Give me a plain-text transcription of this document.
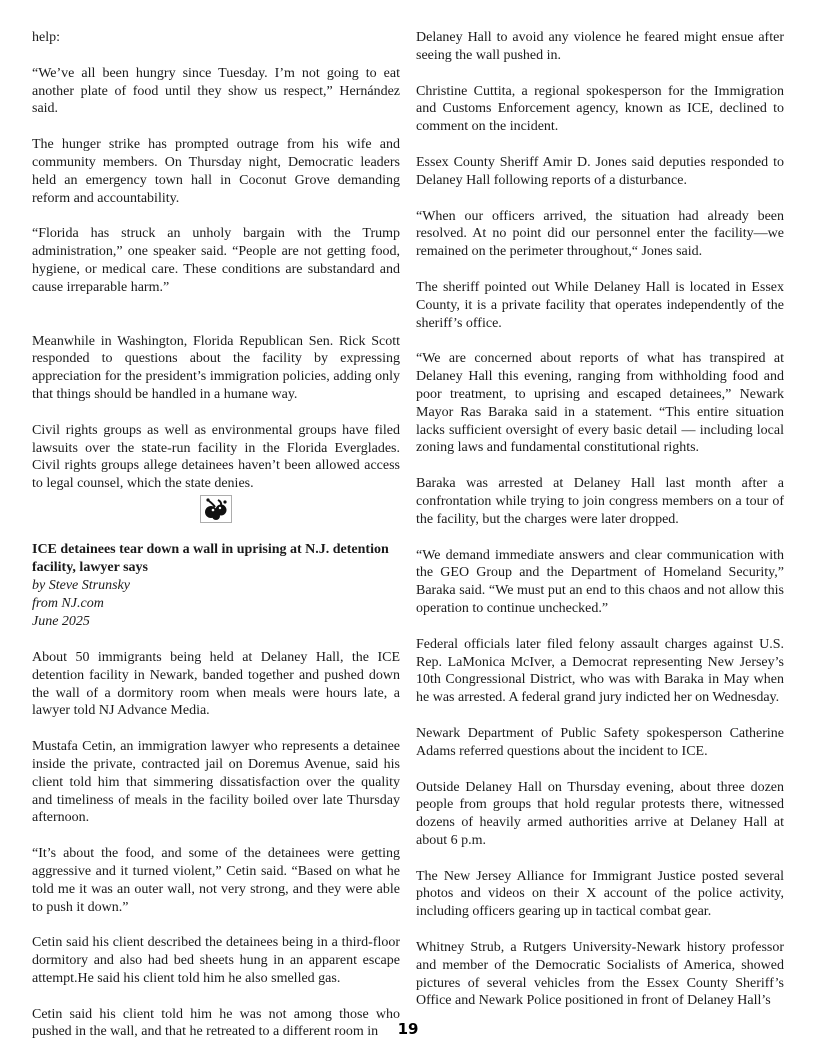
help:

“We’ve all been hungry since Tuesday. I’m not going to eat another plate of food until they show us respect,” Hernández said.

The hunger strike has prompted outrage from his wife and community members. On Thursday night, Democratic leaders held an emergency town hall in Coconut Grove demanding reform and accountability.

“Florida has struck an unholy bargain with the Trump administration,” one speaker said. “People are not getting food, hygiene, or medical care. These conditions are substandard and cause irreparable harm.”

Meanwhile in Washington, Florida Republican Sen. Rick Scott responded to questions about the facility by expressing appreciation for the president’s immigration policies, adding only that things should be handled in a humane way.

Civil rights groups as well as environmental groups have filed lawsuits over the state-run facility in the Florida Everglades. Civil rights groups allege detainees haven’t been allowed access to legal counsel, which the state denies.

ICE detainees tear down a wall in uprising at N.J. detention facility, lawyer says
by Steve Strunsky
from NJ.com
June 2025

About 50 immigrants being held at Delaney Hall, the ICE detention facility in Newark, banded together and pushed down the wall of a dormitory room when meals were hours late, a lawyer told NJ Advance Media.

Mustafa Cetin, an immigration lawyer who represents a detainee inside the private, contracted jail on Doremus Avenue, said his client told him that simmering dissatisfaction over the quality and timeliness of meals in the facility boiled over late Thursday afternoon.

“It’s about the food, and some of the detainees were getting aggressive and it turned violent,” Cetin said. “Based on what he told me it was an outer wall, not very strong, and they were able to push it down.”

Cetin said his client described the detainees being in a third-floor dormitory and also had bed sheets hung in an apparent escape attempt.He said his client told him he also smelled gas.

Cetin said his client told him he was not among those who pushed in the wall, and that he retreated to a different room in

Delaney Hall to avoid any violence he feared might ensue after seeing the wall pushed in.

Christine Cuttita, a regional spokesperson for the Immigration and Customs Enforcement agency, known as ICE, declined to comment on the incident.

Essex County Sheriff Amir D. Jones said deputies responded to Delaney Hall following reports of a disturbance.

“When our officers arrived, the situation had already been resolved. At no point did our personnel enter the facility—we remained on the perimeter throughout,“ Jones said.

The sheriff pointed out While Delaney Hall is located in Essex County, it is a private facility that operates independently of the sheriff’s office.

“We are concerned about reports of what has transpired at Delaney Hall this evening, ranging from withholding food and poor treatment, to uprising and escaped detainees,” Newark Mayor Ras Baraka said in a statement. “This entire situation lacks sufficient oversight of every basic detail — including local zoning laws and fundamental constitutional rights.

Baraka was arrested at Delaney Hall last month after a confrontation while trying to join congress members on a tour of the facility, but the charges were later dropped.

“We demand immediate answers and clear communication with the GEO Group and the Department of Homeland Security,” Baraka said. “We must put an end to this chaos and not allow this operation to continue unchecked.”

Federal officials later filed felony assault charges against U.S. Rep. LaMonica McIver, a Democrat representing New Jersey’s 10th Congressional District, who was with Baraka in May when he was arrested. A federal grand jury indicted her on Wednesday.

Newark Department of Public Safety spokesperson Catherine Adams referred questions about the incident to ICE.

Outside Delaney Hall on Thursday evening, about three dozen people from groups that hold regular protests there, witnessed dozens of heavily armed authorities arrive at Delaney Hall at about 6 p.m.

The New Jersey Alliance for Immigrant Justice posted several photos and videos on their X account of the police activity, including officers gearing up in tactical combat gear.

Whitney Strub, a Rutgers University-Newark history professor and member of the Democratic Socialists of America, showed pictures of several vehicles from the Essex County Sheriff’s Office and Newark Police positioned in front of Delaney Hall’s

19
